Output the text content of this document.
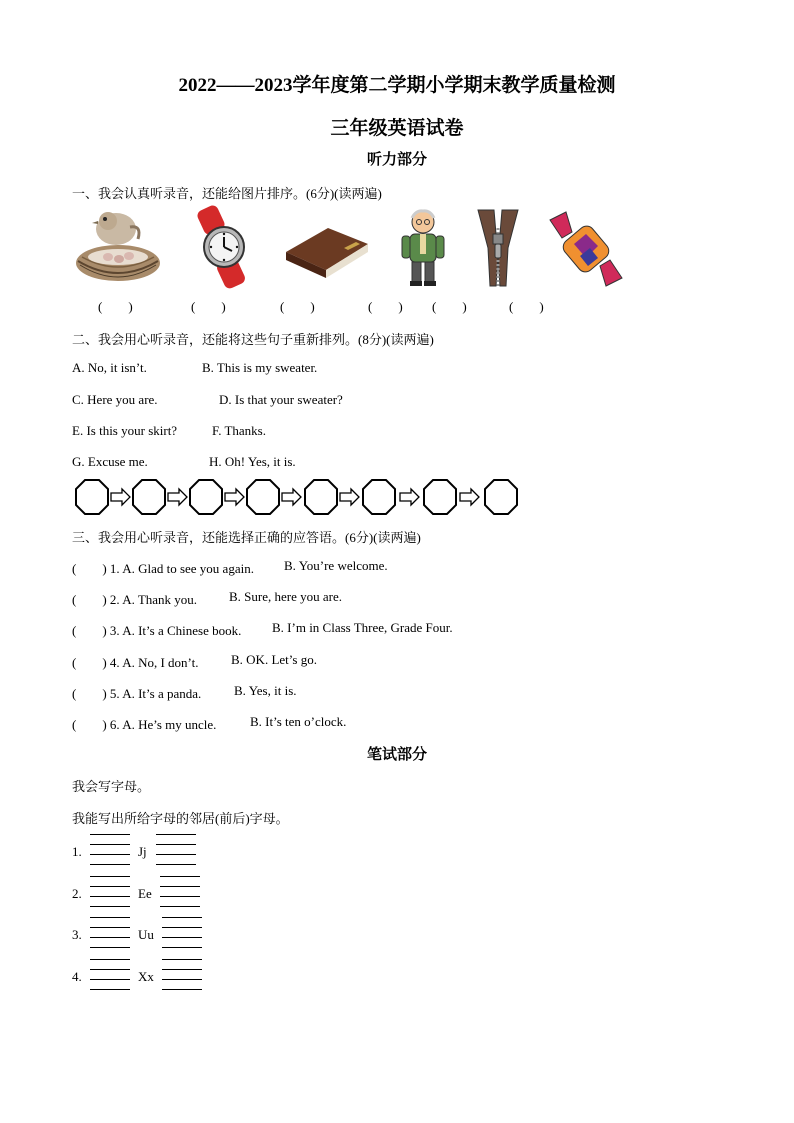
2022——2023学年度第二学期小学期末教学质量检测
三年级英语试卷
听力部分
一、我会认真听录音，还能给图片排序。(6分)(读两遍)
(　　)	(　　)	(　　)	(　　) (　　)	(　　)
二、我会用心听录音，还能将这些句子重新排列。(8分)(读两遍)
A. No, it isn’t.	B. This is my sweater.
C. Here you are.	D. Is that your sweater?
E. Is this your skirt?	F. Thanks.
G. Excuse me.	H. Oh! Yes, it is.
三、我会用心听录音，还能选择正确的应答语。(6分)(读两遍)
(　　) 1. A. Glad to see you again. B. You’re welcome.
(　　) 2. A. Thank you. B. Sure, here you are.
(　　) 3. A. It’s a Chinese book. B. I’m in Class Three, Grade Four.
(　　) 4. A. No, I don’t. B. OK. Let’s go.
(　　) 5. A. It’s a panda.	B. Yes, it is.
(　　) 6. A. He’s my uncle.	B. It’s ten o’clock.
笔试部分
我会写字母。
我能写出所给字母的邻居(前后)字母。
1.	Jj
2.	Ee
3.	Uu
4.	Xx
